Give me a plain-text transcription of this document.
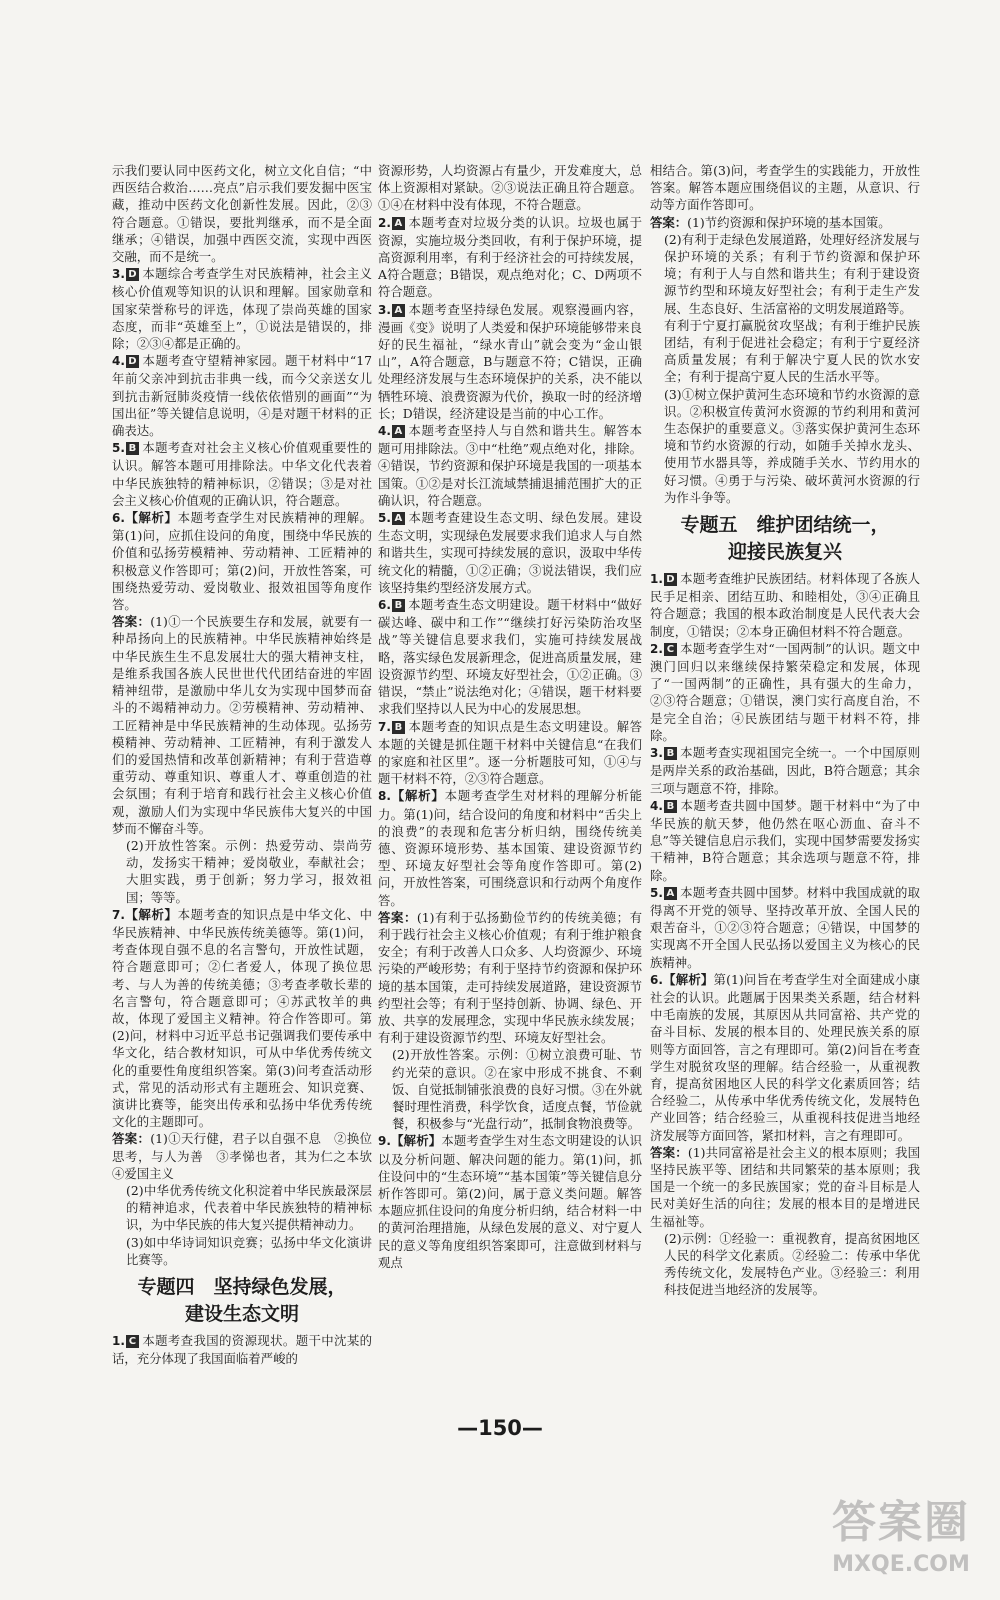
示我们要认同中医药文化，树立文化自信；“中西医结合救治……亮点”启示我们要发掘中医宝藏，推动中医药文化创新性发展。因此，②③符合题意。①错误，要批判继承，而不是全面继承；④错误，加强中西医交流，实现中西医交融，而不是统一。

3. D 本题综合考查学生对民族精神，社会主义核心价值观等知识的认识和理解。国家勋章和国家荣誉称号的评选，体现了崇尚英雄的国家态度，而非“英雄至上”，①说法是错误的，排除；②③④都是正确的。

4. D 本题考查守望精神家园。题干材料中“17年前父亲冲到抗击非典一线，而今父亲送女儿到抗击新冠肺炎疫情一线依依惜别的画面”“为国出征”等关键信息说明，④是对题干材料的正确表达。

5. B 本题考查对社会主义核心价值观重要性的认识。解答本题可用排除法。中华文化代表着中华民族独特的精神标识，②错误；③是对社会主义核心价值观的正确认识，符合题意。

6.【解析】本题考查学生对民族精神的理解。第(1)问，应抓住设问的角度，围绕中华民族的价值和弘扬劳模精神、劳动精神、工匠精神的积极意义作答即可；第(2)问，开放性答案，可围绕热爱劳动、爱岗敬业、报效祖国等角度作答。

答案：(1)①一个民族要生存和发展，就要有一种昂扬向上的民族精神。中华民族精神始终是中华民族生生不息发展壮大的强大精神支柱，是维系我国各族人民世世代代团结奋进的牢固精神纽带，是激励中华儿女为实现中国梦而奋斗的不竭精神动力。②劳模精神、劳动精神、工匠精神是中华民族精神的生动体现。弘扬劳模精神、劳动精神、工匠精神，有利于激发人们的爱国热情和改革创新精神；有利于营造尊重劳动、尊重知识、尊重人才、尊重创造的社会氛围；有利于培育和践行社会主义核心价值观，激励人们为实现中华民族伟大复兴的中国梦而不懈奋斗等。

(2)开放性答案。示例：热爱劳动、崇尚劳动，发扬实干精神；爱岗敬业，奉献社会；大胆实践，勇于创新；努力学习，报效祖国；等等。

7.【解析】本题考查的知识点是中华文化、中华民族精神、中华民族传统美德等。第(1)问，考查体现自强不息的名言警句，开放性试题，符合题意即可；②仁者爱人，体现了换位思考、与人为善的传统美德；③考查孝敬长辈的名言警句，符合题意即可；④苏武牧羊的典故，体现了爱国主义精神。符合作答即可。第(2)问，材料中习近平总书记强调我们要传承中华文化，结合教材知识，可从中华优秀传统文化的重要性角度组织答案。第(3)问考查活动形式，常见的活动形式有主题班会、知识竞赛、演讲比赛等，能突出传承和弘扬中华优秀传统文化的主题即可。

答案：(1)①天行健，君子以自强不息　②换位思考，与人为善　③孝悌也者，其为仁之本欤　④爱国主义

(2)中华优秀传统文化积淀着中华民族最深层的精神追求，代表着中华民族独特的精神标识，为中华民族的伟大复兴提供精神动力。

(3)如中华诗词知识竞赛；弘扬中华文化演讲比赛等。

专题四　坚持绿色发展，
建设生态文明

1. C 本题考查我国的资源现状。题干中沈某的话，充分体现了我国面临着严峻的

资源形势，人均资源占有量少，开发难度大，总体上资源相对紧缺。②③说法正确且符合题意。①④在材料中没有体现，不符合题意。

2. A 本题考查对垃圾分类的认识。垃圾也属于资源，实施垃圾分类回收，有利于保护环境，提高资源利用率，有利于经济社会的可持续发展，A符合题意；B错误，观点绝对化；C、D两项不符合题意。

3. A 本题考查坚持绿色发展。观察漫画内容，漫画《变》说明了人类爱和保护环境能够带来良好的民生福祉，“绿水青山”就会变为“金山银山”，A符合题意，B与题意不符；C错误，正确处理经济发展与生态环境保护的关系，决不能以牺牲环境、浪费资源为代价，换取一时的经济增长；D错误，经济建设是当前的中心工作。

4. A 本题考查坚持人与自然和谐共生。解答本题可用排除法。③中“杜绝”观点绝对化，排除。④错误，节约资源和保护环境是我国的一项基本国策。①②是对长江流域禁捕退捕范围扩大的正确认识，符合题意。

5. A 本题考查建设生态文明、绿色发展。建设生态文明，实现绿色发展要求我们追求人与自然和谐共生，实现可持续发展的意识，汲取中华传统文化的精髓，①②正确；③说法错误，我们应该坚持集约型经济发展方式。

6. B 本题考查生态文明建设。题干材料中“做好碳达峰、碳中和工作”“继续打好污染防治攻坚战”等关键信息要求我们，实施可持续发展战略，落实绿色发展新理念，促进高质量发展，建设资源节约型、环境友好型社会，①②正确。③错误，“禁止”说法绝对化；④错误，题干材料要求我们坚持以人民为中心的发展思想。

7. B 本题考查的知识点是生态文明建设。解答本题的关键是抓住题干材料中关键信息“在我们的家庭和社区里”。逐一分析题肢可知，①④与题干材料不符，②③符合题意。

8.【解析】本题考查学生对材料的理解分析能力。第(1)问，结合设问的角度和材料中“舌尖上的浪费”的表现和危害分析归纳，围绕传统美德、资源环境形势、基本国策、建设资源节约型、环境友好型社会等角度作答即可。第(2)问，开放性答案，可围绕意识和行动两个角度作答。

答案：(1)有利于弘扬勤俭节约的传统美德；有利于践行社会主义核心价值观；有利于维护粮食安全；有利于改善人口众多、人均资源少、环境污染的严峻形势；有利于坚持节约资源和保护环境的基本国策，走可持续发展道路，建设资源节约型社会等；有利于坚持创新、协调、绿色、开放、共享的发展理念，实现中华民族永续发展；有利于建设资源节约型、环境友好型社会。

(2)开放性答案。示例：①树立浪费可耻、节约光荣的意识。②在家中形成不挑食、不剩饭、自觉抵制铺张浪费的良好习惯。③在外就餐时理性消费，科学饮食，适度点餐，节俭就餐，积极参与“光盘行动”，抵制食物浪费等。

9.【解析】本题考查学生对生态文明建设的认识以及分析问题、解决问题的能力。第(1)问，抓住设问中的“生态环境”“基本国策”等关键信息分析作答即可。第(2)问，属于意义类问题。解答本题应抓住设问的角度分析归纳，结合材料一中的黄河治理措施，从绿色发展的意义、对宁夏人民的意义等角度组织答案即可，注意做到材料与观点

相结合。第(3)问，考查学生的实践能力，开放性答案。解答本题应围绕倡议的主题，从意识、行动等方面作答即可。

答案：(1)节约资源和保护环境的基本国策。

(2)有利于走绿色发展道路，处理好经济发展与保护环境的关系；有利于节约资源和保护环境；有利于人与自然和谐共生；有利于建设资源节约型和环境友好型社会；有利于走生产发展、生态良好、生活富裕的文明发展道路等。

有利于宁夏打赢脱贫攻坚战；有利于维护民族团结，有利于促进社会稳定；有利于宁夏经济高质量发展；有利于解决宁夏人民的饮水安全；有利于提高宁夏人民的生活水平等。

(3)①树立保护黄河生态环境和节约水资源的意识。②积极宣传黄河水资源的节约利用和黄河生态保护的重要意义。③落实保护黄河生态环境和节约水资源的行动，如随手关掉水龙头、使用节水器具等，养成随手关水、节约用水的好习惯。④勇于与污染、破坏黄河水资源的行为作斗争等。

专题五　维护团结统一，
迎接民族复兴

1. D 本题考查维护民族团结。材料体现了各族人民手足相亲、团结互助、和睦相处，③④正确且符合题意；我国的根本政治制度是人民代表大会制度，①错误；②本身正确但材料不符合题意。

2. C 本题考查学生对“一国两制”的认识。题文中澳门回归以来继续保持繁荣稳定和发展，体现了“一国两制”的正确性，具有强大的生命力，②③符合题意；①错误，澳门实行高度自治，不是完全自治；④民族团结与题干材料不符，排除。

3. B 本题考查实现祖国完全统一。一个中国原则是两岸关系的政治基础，因此，B符合题意；其余三项与题意不符，排除。

4. B 本题考查共圆中国梦。题干材料中“为了中华民族的航天梦，他仍然在呕心沥血、奋斗不息”等关键信息启示我们，实现中国梦需要发扬实干精神，B符合题意；其余选项与题意不符，排除。

5. A 本题考查共圆中国梦。材料中我国成就的取得离不开党的领导、坚持改革开放、全国人民的艰苦奋斗，①②③符合题意；④错误，中国梦的实现离不开全国人民弘扬以爱国主义为核心的民族精神。

6.【解析】第(1)问旨在考查学生对全面建成小康社会的认识。此题属于因果类关系题，结合材料中毛南族的发展，其原因从共同富裕、共产党的奋斗目标、发展的根本目的、处理民族关系的原则等方面回答，言之有理即可。第(2)问旨在考查学生对脱贫攻坚的理解。结合经验一，从重视教育，提高贫困地区人民的科学文化素质回答；结合经验二，从传承中华优秀传统文化，发展特色产业回答；结合经验三，从重视科技促进当地经济发展等方面回答，紧扣材料，言之有理即可。

答案：(1)共同富裕是社会主义的根本原则；我国坚持民族平等、团结和共同繁荣的基本原则；我国是一个统一的多民族国家；党的奋斗目标是人民对美好生活的向往；发展的根本目的是增进民生福祉等。

(2)示例：①经验一：重视教育，提高贫困地区人民的科学文化素质。②经验二：传承中华优秀传统文化，发展特色产业。③经验三：利用科技促进当地经济的发展等。

—150—
答案圈
MXQE.COM
